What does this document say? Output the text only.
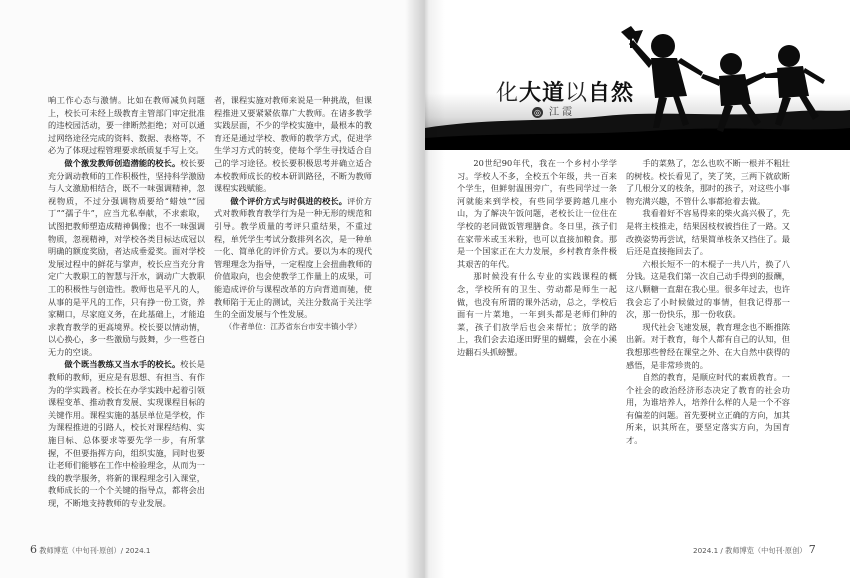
响工作心态与激情。比如在教师减负问题上，校长可未经上级教育主管部门审定批准的违校园活动，要一律断然拒绝；对可以通过网络途径完成的资料、数据、表格等，不必为了体现过程管理要求纸质复手写上交。

做个激发教师创造潜能的校长。校长要充分调动教师的工作积极性，坚持科学激励与人文激励相结合，既不一味强调精神，忽视物质，不过分强调物质要给“蜡烛”“园丁”“孺子牛”，应当尤私奉献，不求索取，试图把教师塑造成精神偶像；也不一味强调物质，忽视精神，对学校各类目标达成冠以明确的额度奖励，者达成垂爱奖。面对学校发展过程中的鲜花与掌声，校长应当充分肯定广大教职工的智慧与汗水，调动广大教职工的积极性与创造性。教师也是平凡的人，从事的是平凡的工作，只有挣一份工资，养家糊口，尽家庭义务，在此基础上，才能追求教育教学的更高境界。校长要以情动情，以心换心，多一些激励与鼓舞，少一些苍白无力的空谈。

做个既当教练又当水手的校长。校长是教师的教师，更应是有思想、有担当、有作为的学实践者。校长在办学实践中起着引领课程变革、推动教育发展、实现课程目标的关键作用。课程实施的基层单位是学校，作为课程推进的引路人，校长对课程结构、实施目标、总体要求等要先学一步，有所掌握，不但要指挥方向，组织实施，同时也要让老师们能够在工作中检验理念，从而为一线的教学服务，将新的课程理念引入课堂，教师成长的一个个关键的指导点，都将会出现，不断地支持教师的专业发展。

者，课程实施对教师来说是一种挑战，但课程推进又要紧紧依靠广大教师。在诸多教学实践层面，不少的学校实施中，最根本的教育还是通过学校、教师的教学方式，促进学生学习方式的转变，使每个学生寻找适合自己的学习途径。校长要积极思考并确立适合本校教师成长的校本研训路径，不断为教师课程实践赋能。

做个评价方式与时俱进的校长。评价方式对教师教育教学行为是一种无形的规范和引导。教学质量的考评只重结果，不重过程，单凭学生考试分数排列名次，是一种单一化、简单化的评价方式。要以为本的现代管理理念为指导，一定程度上会扭曲教师的价值取向，也会使教学工作量上的成果，可能造成评价与课程改革的方向背道而驰，使教师陷于无止的测试，关注分数高于关注学生的全面发展与个性发展。

（作者单位：江苏省东台市安丰镇小学）

6 教师博览（中旬刊·原创）/ 2024.1

20世纪90年代，我在一个乡村小学学习。学校人不多，全校五个年级，共一百来个学生，但鲜射温围旁广，有些同学过一条河就能来到学校，有些同学要跨越几座小山，为了解决午饭问题，老校长让一位住在学校的老同做饭管理膳食。冬日里，孩子们在家带米或玉米粉，也可以直接加粮食。那是一个国家正在大力发展，乡村教育条件极其艰苦的年代。

那时候没有什么专业的实践课程的概念，学校所有的卫生、劳动都是师生一起做，也没有所谓的课外活动，总之，学校后面有一片菜地，一年到头都是老师们种的菜，孩子们放学后也会来帮忙；放学的路上，我们会去追逐田野里的蝴蝶，会在小溪边翻石头抓螃蟹。

手的菜熟了，怎么也吹不断一根并不粗壮的树枝。校长看见了，笑了笑，三两下就砍断了几根分叉的枝条，那时的孩子，对这些小事物充满兴趣，不管什么事都抢着去做。

我看着好不容易得来的柴火高兴极了，先是将主枝推走，结果因枝杈被挡住了一路。又改换姿势再尝试，结果简单枝条又挡住了。最后还是直接拖回去了。

六根长短不一的木棍子一共八片，换了八分钱。这是我们第一次自己动手得到的报酬，这八颗糖一直甜在我心里。很多年过去，也许我会忘了小时候做过的事情，但我记得那一次，那一份快乐，那一份收获。

现代社会飞速发展，教育理念也不断推陈出新。对于教育，每个人都有自己的认知，但我想那些曾经在课堂之外、在大自然中获得的感悟，是非常珍贵的。

自然的教育，是顺应时代的素质教育。一个社会的政治经济形态决定了教育的社会功用，为谁培养人，培养什么样的人是一个不容有偏差的问题。首先要树立正确的方向，加其所来，识其所在，要坚定落实方向，为国育才。

2024.1 / 教师博览（中旬刊·原创） 7
化大道以自然
◎ 江 霞
